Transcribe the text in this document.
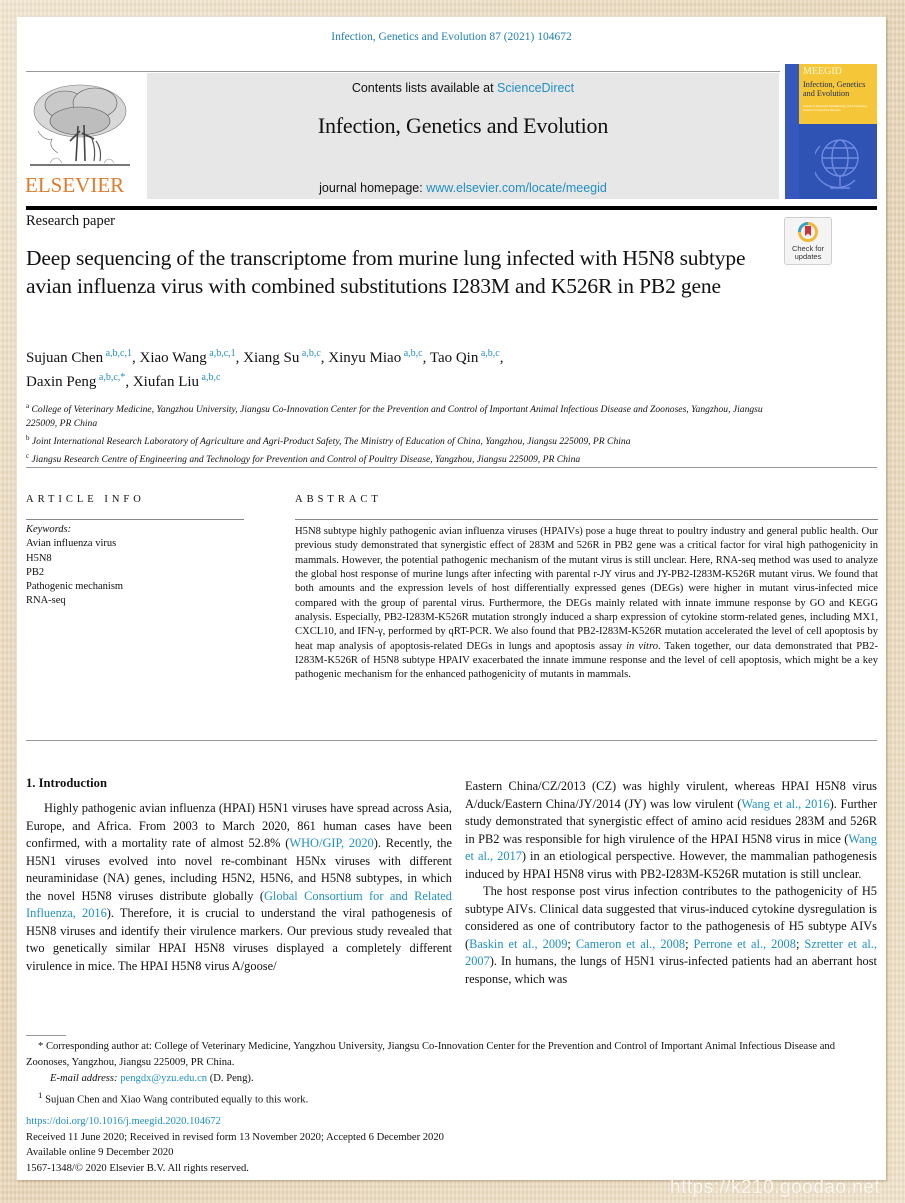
Infection, Genetics and Evolution 87 (2021) 104672
ELSEVIER
Contents lists available at ScienceDirect
Infection, Genetics and Evolution
journal homepage: www.elsevier.com/locate/meegid
MEEGID
Infection, Genetics
and Evolution
Journal of Molecular Epidemiology and Evolutionary Genetics in Infectious Diseases
Research paper
Check for
updates
Deep sequencing of the transcriptome from murine lung infected with H5N8 subtype avian influenza virus with combined substitutions I283M and K526R in PB2 gene
Sujuan Chen $^{a,b,c,1}$, Xiao Wang $^{a,b,c,1}$, Xiang Su $^{a,b,c}$, Xinyu Miao $^{a,b,c}$, Tao Qin $^{a,b,c}$,
Daxin Peng $^{a,b,c,*}$, Xiufan Liu $^{a,b,c}$
$^a$ College of Veterinary Medicine, Yangzhou University, Jiangsu Co-Innovation Center for the Prevention and Control of Important Animal Infectious Disease and Zoonoses, Yangzhou, Jiangsu 225009, PR China
$^b$ Joint International Research Laboratory of Agriculture and Agri-Product Safety, The Ministry of Education of China, Yangzhou, Jiangsu 225009, PR China
$^c$ Jiangsu Research Centre of Engineering and Technology for Prevention and Control of Poultry Disease, Yangzhou, Jiangsu 225009, PR China
ARTICLE INFO
Keywords:
Avian influenza virus
H5N8
PB2
Pathogenic mechanism
RNA-seq
ABSTRACT
H5N8 subtype highly pathogenic avian influenza viruses (HPAIVs) pose a huge threat to poultry industry and general public health. Our previous study demonstrated that synergistic effect of 283M and 526R in PB2 gene was a critical factor for viral high pathogenicity in mammals. However, the potential pathogenic mechanism of the mutant virus is still unclear. Here, RNA-seq method was used to analyze the global host response of murine lungs after infecting with parental r-JY virus and JY-PB2-I283M-K526R mutant virus. We found that both amounts and the expression levels of host differentially expressed genes (DEGs) were higher in mutant virus-infected mice compared with the group of parental virus. Furthermore, the DEGs mainly related with innate immune response by GO and KEGG analysis. Especially, PB2-I283M-K526R mutation strongly induced a sharp expression of cytokine storm-related genes, including MX1, CXCL10, and IFN-γ, performed by qRT-PCR. We also found that PB2-I283M-K526R mutation accelerated the level of cell apoptosis by heat map analysis of apoptosis-related DEGs in lungs and apoptosis assay in vitro. Taken together, our data demonstrated that PB2-I283M-K526R of H5N8 subtype HPAIV exacerbated the innate immune response and the level of cell apoptosis, which might be a key pathogenic mechanism for the enhanced pathogenicity of mutants in mammals.
1. Introduction

Highly pathogenic avian influenza (HPAI) H5N1 viruses have spread across Asia, Europe, and Africa. From 2003 to March 2020, 861 human cases have been confirmed, with a mortality rate of almost 52.8% (WHO/GIP, 2020). Recently, the H5N1 viruses evolved into novel re-combinant H5Nx viruses with different neuraminidase (NA) genes, including H5N2, H5N6, and H5N8 subtypes, in which the novel H5N8 viruses distribute globally (Global Consortium for and Related Influenza, 2016). Therefore, it is crucial to understand the viral pathogenesis of H5N8 viruses and identify their virulence markers. Our previous study revealed that two genetically similar HPAI H5N8 viruses displayed a completely different virulence in mice. The HPAI H5N8 virus A/goose/

Eastern China/CZ/2013 (CZ) was highly virulent, whereas HPAI H5N8 virus A/duck/Eastern China/JY/2014 (JY) was low virulent (Wang et al., 2016). Further study demonstrated that synergistic effect of amino acid residues 283M and 526R in PB2 was responsible for high virulence of the HPAI H5N8 virus in mice (Wang et al., 2017) in an etiological perspective. However, the mammalian pathogenesis induced by HPAI H5N8 virus with PB2-I283M-K526R mutation is still unclear.

The host response post virus infection contributes to the pathogenicity of H5 subtype AIVs. Clinical data suggested that virus-induced cytokine dysregulation is considered as one of contributory factor to the pathogenesis of H5 subtype AIVs (Baskin et al., 2009; Cameron et al., 2008; Perrone et al., 2008; Szretter et al., 2007). In humans, the lungs of H5N1 virus-infected patients had an aberrant host response, which was

* Corresponding author at: College of Veterinary Medicine, Yangzhou University, Jiangsu Co-Innovation Center for the Prevention and Control of Important Animal Infectious Disease and Zoonoses, Yangzhou, Jiangsu 225009, PR China.
E-mail address: pengdx@yzu.edu.cn (D. Peng).
$^1$ Sujuan Chen and Xiao Wang contributed equally to this work.
https://doi.org/10.1016/j.meegid.2020.104672
Received 11 June 2020; Received in revised form 13 November 2020; Accepted 6 December 2020
Available online 9 December 2020
1567-1348/© 2020 Elsevier B.V. All rights reserved.
https://k210.goodao.net
